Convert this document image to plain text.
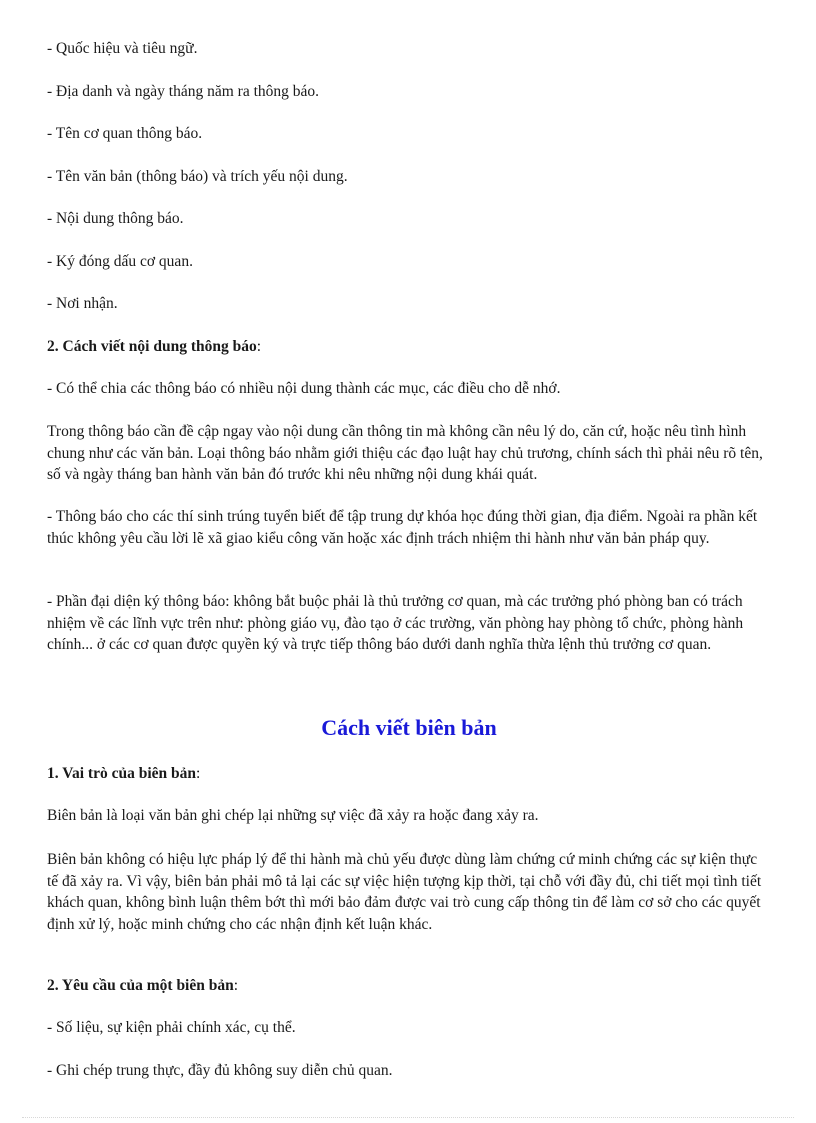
- Quốc hiệu và tiêu ngữ.
- Địa danh và ngày tháng năm ra thông báo.
- Tên cơ quan thông báo.
- Tên văn bản (thông báo) và trích yếu nội dung.
- Nội dung thông báo.
- Ký đóng dấu cơ quan.
- Nơi nhận.
2. Cách viết nội dung thông báo:
- Có thể chia các thông báo có nhiều nội dung thành các mục, các điều cho dễ nhớ.
Trong thông báo cần đề cập ngay vào nội dung cần thông tin mà không cần nêu lý do, căn cứ, hoặc nêu tình hình chung như các văn bản. Loại thông báo nhằm giới thiệu các đạo luật hay chủ trương, chính sách thì phải nêu rõ tên, số và ngày tháng ban hành văn bản đó trước khi nêu những nội dung khái quát.
- Thông báo cho các thí sinh trúng tuyển biết để tập trung dự khóa học đúng thời gian, địa điểm. Ngoài ra phần kết thúc không yêu cầu lời lẽ xã giao kiểu công văn hoặc xác định trách nhiệm thi hành như văn bản pháp quy.
- Phần đại diện ký thông báo: không bắt buộc phải là thủ trưởng cơ quan, mà các trưởng phó phòng ban có trách nhiệm về các lĩnh vực trên như: phòng giáo vụ, đào tạo ở các trường, văn phòng hay phòng tổ chức, phòng hành chính... ở các cơ quan được quyền ký và trực tiếp thông báo dưới danh nghĩa thừa lệnh thủ trưởng cơ quan.
Cách viết biên bản
1. Vai trò của biên bản:
Biên bản là loại văn bản ghi chép lại những sự việc đã xảy ra hoặc đang xảy ra.
Biên bản không có hiệu lực pháp lý để thi hành mà chủ yếu được dùng làm chứng cứ minh chứng các sự kiện thực tế đã xảy ra. Vì vậy, biên bản phải mô tả lại các sự việc hiện tượng kịp thời, tại chỗ với đầy đủ, chi tiết mọi tình tiết khách quan, không bình luận thêm bớt thì mới bảo đảm được vai trò cung cấp thông tin để làm cơ sở cho các quyết định xử lý, hoặc minh chứng cho các nhận định kết luận khác.
2. Yêu cầu của một biên bản:
- Số liệu, sự kiện phải chính xác, cụ thể.
- Ghi chép trung thực, đầy đủ không suy diễn chủ quan.
